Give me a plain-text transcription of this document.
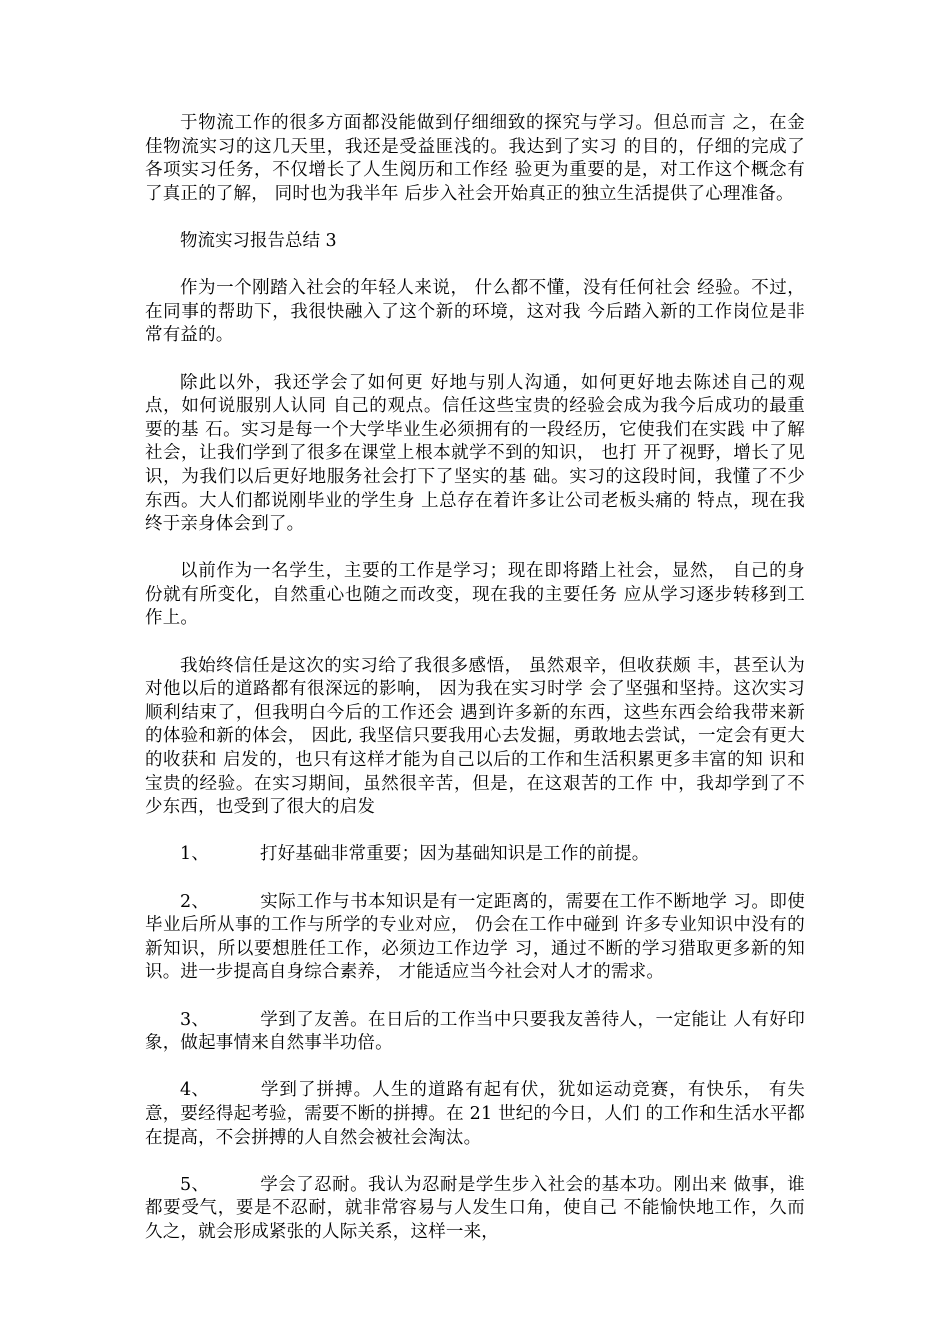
于物流工作的很多方面都没能做到仔细细致的探究与学习。但总而言 之，在金佳物流实习的这几天里，我还是受益匪浅的。我达到了实习 的目的，仔细的完成了各项实习任务，不仅增长了人生阅历和工作经 验更为重要的是，对工作这个概念有了真正的了解， 同时也为我半年 后步入社会开始真正的独立生活提供了心理准备。

物流实习报告总结 3

作为一个刚踏入社会的年轻人来说， 什么都不懂，没有任何社会 经验。不过，在同事的帮助下，我很快融入了这个新的环境，这对我 今后踏入新的工作岗位是非常有益的。

除此以外，我还学会了如何更 好地与别人沟通，如何更好地去陈述自己的观点，如何说服别人认同 自己的观点。信任这些宝贵的经验会成为我今后成功的最重要的基 石。实习是每一个大学毕业生必须拥有的一段经历，它使我们在实践 中了解社会，让我们学到了很多在课堂上根本就学不到的知识， 也打 开了视野，增长了见识，为我们以后更好地服务社会打下了坚实的基 础。实习的这段时间，我懂了不少东西。大人们都说刚毕业的学生身 上总存在着许多让公司老板头痛的 特点，现在我终于亲身体会到了。

以前作为一名学生，主要的工作是学习；现在即将踏上社会，显然， 自己的身份就有所变化，自然重心也随之而改变，现在我的主要任务 应从学习逐步转移到工作上。

我始终信任是这次的实习给了我很多感悟， 虽然艰辛，但收获颇 丰，甚至认为对他以后的道路都有很深远的影响， 因为我在实习时学 会了坚强和坚持。这次实习顺利结束了，但我明白今后的工作还会 遇到许多新的东西，这些东西会给我带来新的体验和新的体会， 因此, 我坚信只要我用心去发掘，勇敢地去尝试，一定会有更大的收获和 启发的，也只有这样才能为自己以后的工作和生活积累更多丰富的知 识和宝贵的经验。在实习期间，虽然很辛苦，但是，在这艰苦的工作 中，我却学到了不少东西，也受到了很大的启发

1、	打好基础非常重要；因为基础知识是工作的前提。

2、	实际工作与书本知识是有一定距离的，需要在工作不断地学 习。即使毕业后所从事的工作与所学的专业对应， 仍会在工作中碰到 许多专业知识中没有的新知识，所以要想胜任工作，必须边工作边学 习，通过不断的学习猎取更多新的知识。进一步提高自身综合素养， 才能适应当今社会对人才的需求。

3、	学到了友善。在日后的工作当中只要我友善待人，一定能让 人有好印象，做起事情来自然事半功倍。

4、	学到了拼搏。人生的道路有起有伏，犹如运动竞赛，有快乐， 有失意，要经得起考验，需要不断的拼搏。在 21 世纪的今日，人们 的工作和生活水平都在提高，不会拼搏的人自然会被社会淘汰。

5、	学会了忍耐。我认为忍耐是学生步入社会的基本功。刚出来 做事，谁都要受气，要是不忍耐，就非常容易与人发生口角，使自己 不能愉快地工作，久而久之，就会形成紧张的人际关系，这样一来，
